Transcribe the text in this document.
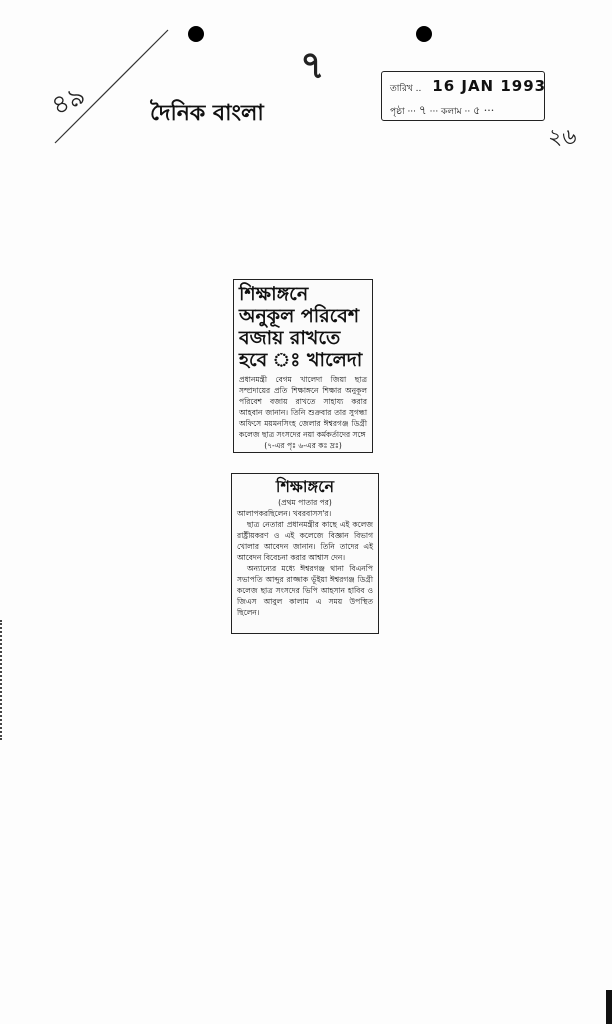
৪৯
৭
২৬
দৈনিক বাংলা
তারিখ .. 16 JAN 1993
পৃষ্ঠা ··· ৭ ··· কলাম ·· ৫ ···
শিক্ষাঙ্গনে অনুকূল পরিবেশ বজায় রাখতে হবে ঃ খালেদা
প্রধানমন্ত্রী বেগম খালেদা জিয়া ছাত্র সম্প্রদায়ের প্রতি শিক্ষাঙ্গনে শিক্ষার অনুকূল পরিবেশ বজায় রাখতে সাহায্য করার আহবান জানান। তিনি শুক্রবার তার সুগন্ধা অফিসে ময়মনসিংহ জেলার ঈশ্বরগঞ্জ ডিগ্রী কলেজ ছাত্র সংসদের নয়া কর্মকর্তাদের সঙ্গে
(৭-এর পৃঃ ৬-এর কঃ দ্রঃ)
শিক্ষাঙ্গনে
(প্রথম পাতার পর)
আলাপকরছিলেন। খবরবাসস'র।
ছাত্র নেতারা প্রধানমন্ত্রীর কাছে এই কলেজ রাষ্ট্রীয়করণ ও এই কলেজে বিজ্ঞান বিভাগ খোলার আবেদন জানান। তিনি তাদের এই আবেদন বিবেচনা করার আশ্বাস দেন।
অন্যান্যের মধ্যে ঈশ্বরগঞ্জ থানা বিএনপি সভাপতি আব্দুর রাজ্জাক ভূঁইয়া ঈশ্বরগঞ্জ ডিগ্রী কলেজ ছাত্র সংসদের ভিপি আহসান হাবিব ও জিএস আবুল কালাম এ সময় উপস্থিত ছিলেন।
